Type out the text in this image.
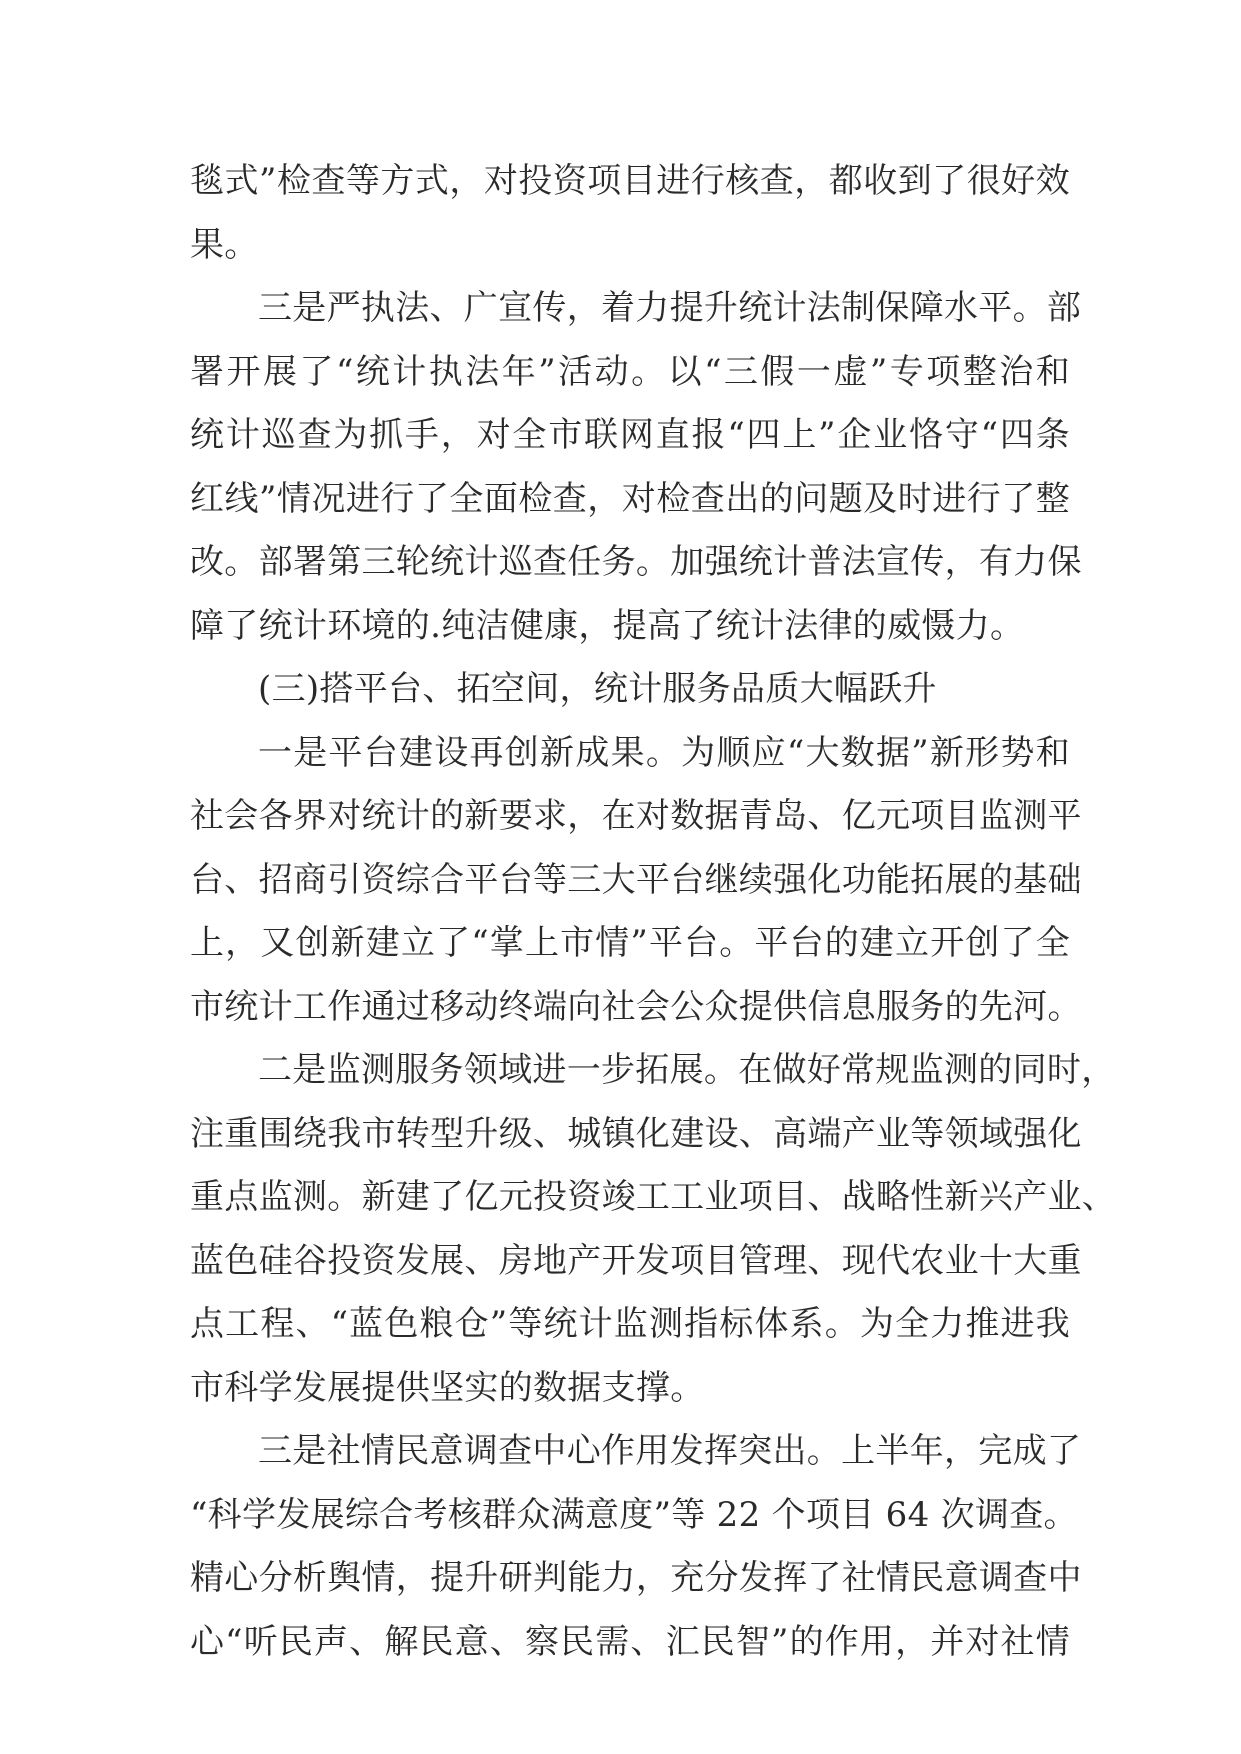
毯式”检查等方式，对投资项目进行核查，都收到了很好效
果。
三是严执法、广宣传，着力提升统计法制保障水平。部
署开展了“统计执法年”活动。以“三假一虚”专项整治和
统计巡查为抓手，对全市联网直报“四上”企业恪守“四条
红线”情况进行了全面检查，对检查出的问题及时进行了整
改。部署第三轮统计巡查任务。加强统计普法宣传，有力保
障了统计环境的.纯洁健康，提高了统计法律的威慑力。
(三)搭平台、拓空间，统计服务品质大幅跃升
一是平台建设再创新成果。为顺应“大数据”新形势和
社会各界对统计的新要求，在对数据青岛、亿元项目监测平
台、招商引资综合平台等三大平台继续强化功能拓展的基础
上，又创新建立了“掌上市情”平台。平台的建立开创了全
市统计工作通过移动终端向社会公众提供信息服务的先河。
二是监测服务领域进一步拓展。在做好常规监测的同时，
注重围绕我市转型升级、城镇化建设、高端产业等领域强化
重点监测。新建了亿元投资竣工工业项目、战略性新兴产业、
蓝色硅谷投资发展、房地产开发项目管理、现代农业十大重
点工程、“蓝色粮仓”等统计监测指标体系。为全力推进我
市科学发展提供坚实的数据支撑。
三是社情民意调查中心作用发挥突出。上半年，完成了
“科学发展综合考核群众满意度”等 22 个项目 64 次调查。
精心分析舆情，提升研判能力，充分发挥了社情民意调查中
心“听民声、解民意、察民需、汇民智”的作用，并对社情
